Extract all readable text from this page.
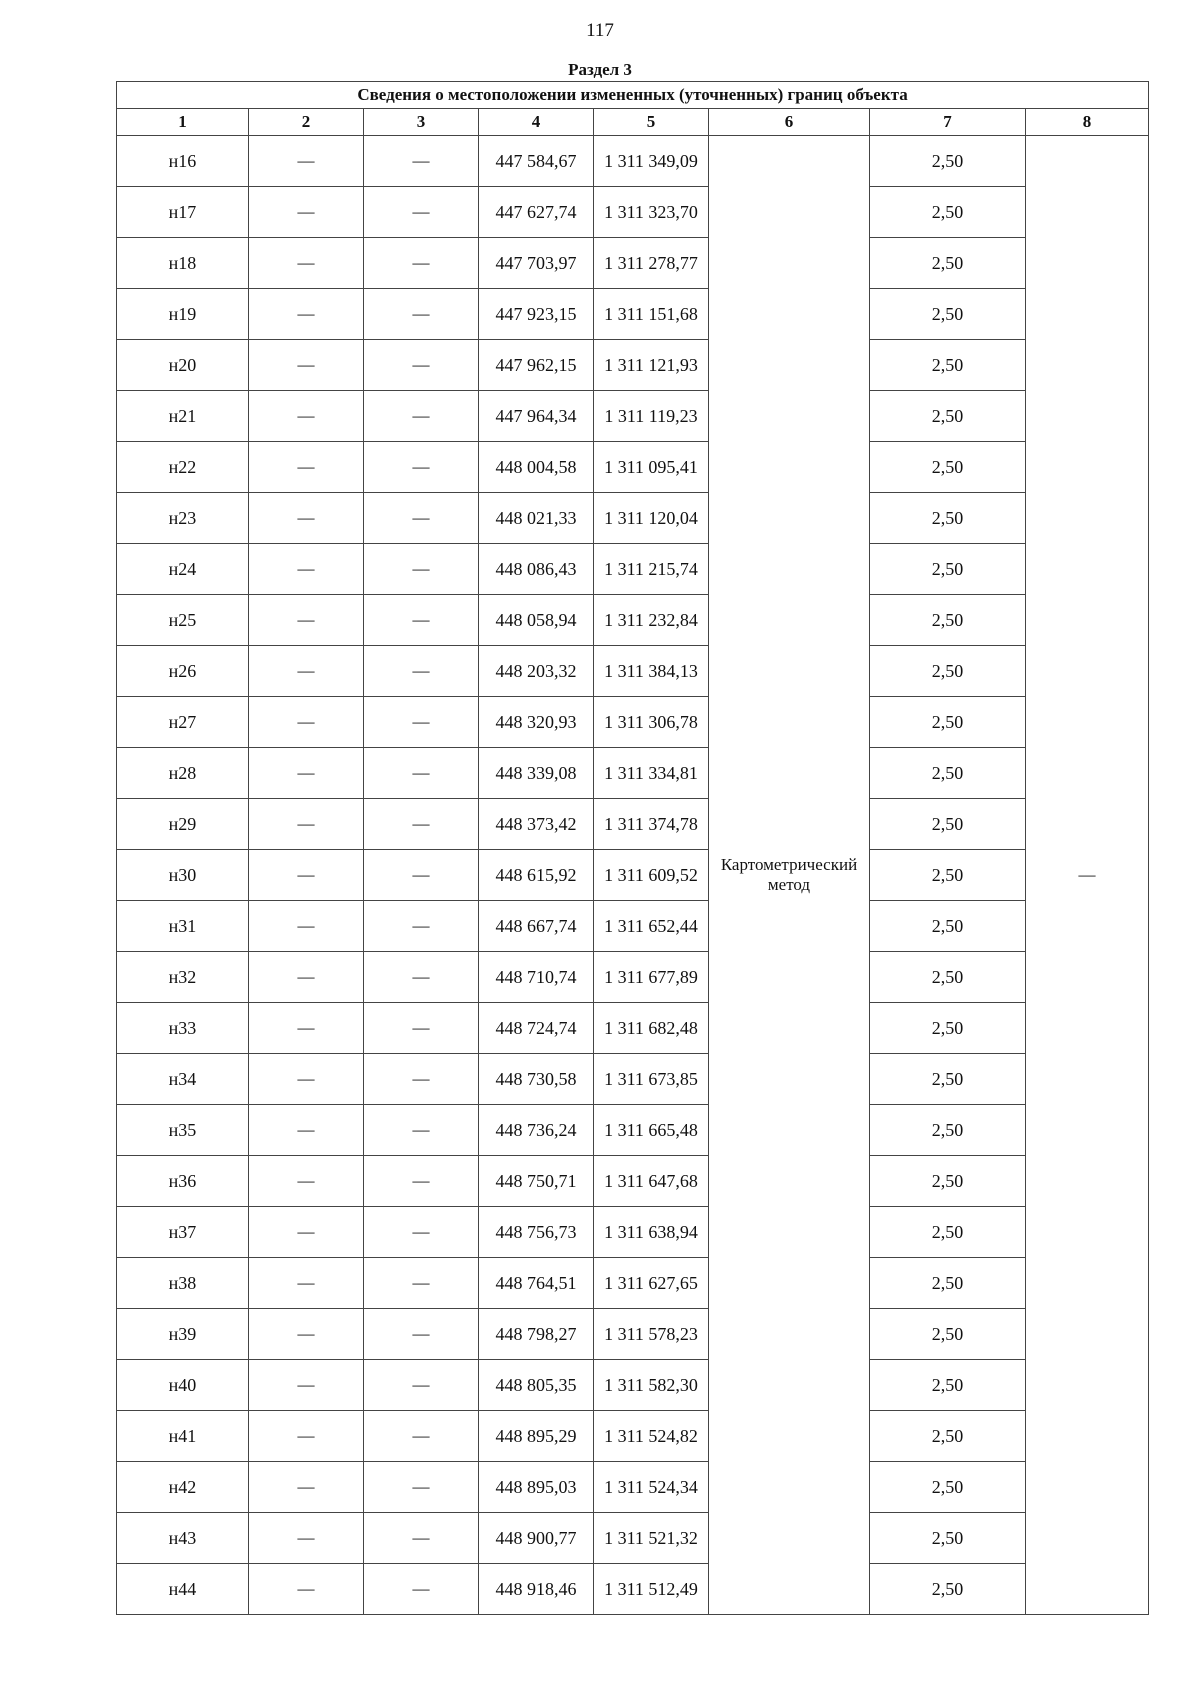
117
Раздел 3
Сведения о местоположении измененных (уточненных) границ объекта							
1	2	3	4	5	6	7	8
н16	—	—	447 584,67	1 311 349,09	Картометрический метод	2,50	—
н17	—	—	447 627,74	1 311 323,70		2,50	
н18	—	—	447 703,97	1 311 278,77		2,50	
н19	—	—	447 923,15	1 311 151,68		2,50	
н20	—	—	447 962,15	1 311 121,93		2,50	
н21	—	—	447 964,34	1 311 119,23		2,50	
н22	—	—	448 004,58	1 311 095,41		2,50	
н23	—	—	448 021,33	1 311 120,04		2,50	
н24	—	—	448 086,43	1 311 215,74		2,50	
н25	—	—	448 058,94	1 311 232,84		2,50	
н26	—	—	448 203,32	1 311 384,13		2,50	
н27	—	—	448 320,93	1 311 306,78		2,50	
н28	—	—	448 339,08	1 311 334,81		2,50	
н29	—	—	448 373,42	1 311 374,78		2,50	
н30	—	—	448 615,92	1 311 609,52		2,50	
н31	—	—	448 667,74	1 311 652,44		2,50	
н32	—	—	448 710,74	1 311 677,89		2,50	
н33	—	—	448 724,74	1 311 682,48		2,50	
н34	—	—	448 730,58	1 311 673,85		2,50	
н35	—	—	448 736,24	1 311 665,48		2,50	
н36	—	—	448 750,71	1 311 647,68		2,50	
н37	—	—	448 756,73	1 311 638,94		2,50	
н38	—	—	448 764,51	1 311 627,65		2,50	
н39	—	—	448 798,27	1 311 578,23		2,50	
н40	—	—	448 805,35	1 311 582,30		2,50	
н41	—	—	448 895,29	1 311 524,82		2,50	
н42	—	—	448 895,03	1 311 524,34		2,50	
н43	—	—	448 900,77	1 311 521,32		2,50	
н44	—	—	448 918,46	1 311 512,49		2,50	
